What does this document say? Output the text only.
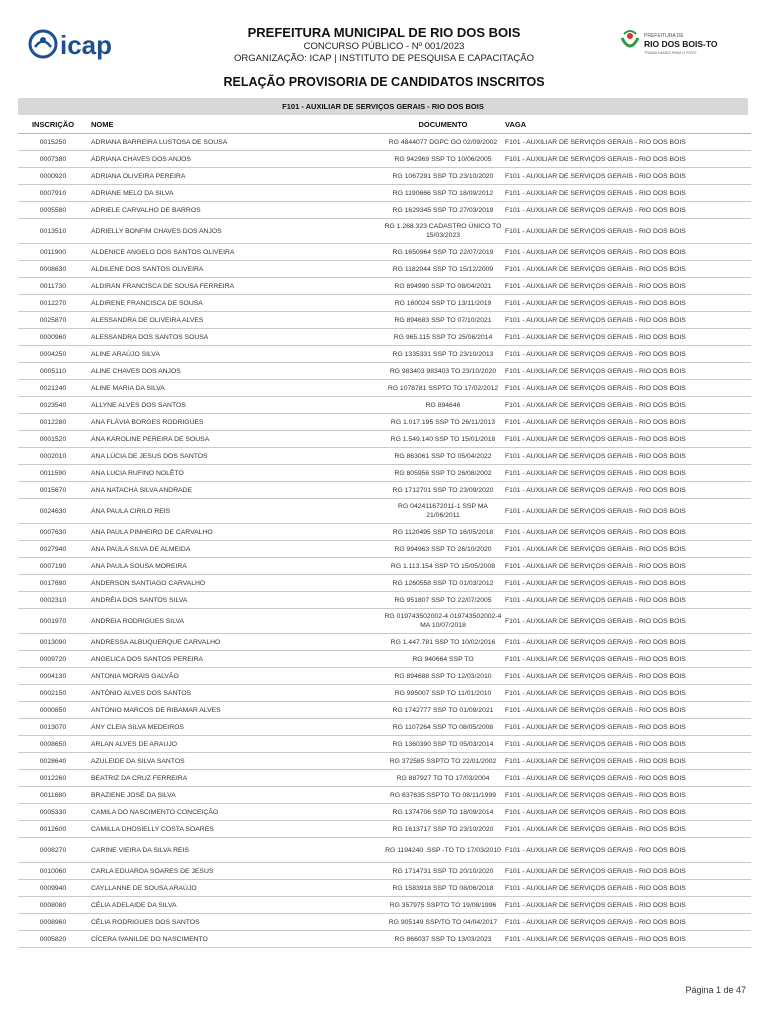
icap	PREFEITURA DE
RIO DOS BOIS-TO
TRABALHANDO PARA O POVO
PREFEITURA MUNICIPAL DE RIO DOS BOIS
CONCURSO PÚBLICO - Nº 001/2023
ORGANIZAÇÃO: ICAP | INSTITUTO DE PESQUISA E CAPACITAÇÃO
RELAÇÃO PROVISORIA DE CANDIDATOS INSCRITOS
F101 - AUXILIAR DE SERVIÇOS GERAIS - RIO DOS BOIS
INSCRIÇÃO	NOME	DOCUMENTO	VAGA
0015250	ADRIANA BARREIRA LUSTOSA DE SOUSA	RG 4844077 DGPC GO 02/09/2002	F101 - AUXILIAR DE SERVIÇOS GERAIS - RIO DOS BOIS
0007380	ADRIANA CHAVES DOS ANJOS	RG 942969 SSP TO 10/06/2005	F101 - AUXILIAR DE SERVIÇOS GERAIS - RIO DOS BOIS
0000920	ADRIANA OLIVEIRA PEREIRA	RG 1067291 SSP TO 23/10/2020	F101 - AUXILIAR DE SERVIÇOS GERAIS - RIO DOS BOIS
0007910	ADRIANE MELO DA SILVA	RG 1190666 SSP TO 18/09/2012	F101 - AUXILIAR DE SERVIÇOS GERAIS - RIO DOS BOIS
0005580	ADRIELE CARVALHO DE BARROS	RG 1629345 SSP TO 27/03/2019	F101 - AUXILIAR DE SERVIÇOS GERAIS - RIO DOS BOIS
0013510	ADRIELLY BONFIM CHAVES DOS ANJOS	RG 1.268.323 CADASTRO ÚNICO TO 15/03/2023	F101 - AUXILIAR DE SERVIÇOS GERAIS - RIO DOS BOIS
0011900	ALDENICE ANGELO DOS SANTOS OLIVEIRA	RG 1650964 SSP TO 22/07/2019	F101 - AUXILIAR DE SERVIÇOS GERAIS - RIO DOS BOIS
0008630	ALDILENE DOS SANTOS OLIVEIRA	RG 1182044 SSP TO 15/12/2009	F101 - AUXILIAR DE SERVIÇOS GERAIS - RIO DOS BOIS
0011730	ALDIRAN FRANCISCA DE SOUSA FERREIRA	RG 894990 SSP TO 08/04/2021	F101 - AUXILIAR DE SERVIÇOS GERAIS - RIO DOS BOIS
0012270	ALDIRENE FRANCISCA DE SOUSA	RG 160024 SSP TO 13/11/2019	F101 - AUXILIAR DE SERVIÇOS GERAIS - RIO DOS BOIS
0025870	ALESSANDRA DE OLIVEIRA ALVES	RG 894683 SSP TO 07/10/2021	F101 - AUXILIAR DE SERVIÇOS GERAIS - RIO DOS BOIS
0000960	ALESSANDRA DOS SANTOS SOUSA	RG 965.115 SSP TO 25/06/2014	F101 - AUXILIAR DE SERVIÇOS GERAIS - RIO DOS BOIS
0004250	ALINE ARAÚJO SILVA	RG 1335331 SSP TO 23/10/2013	F101 - AUXILIAR DE SERVIÇOS GERAIS - RIO DOS BOIS
0005110	ALINE CHAVES DOS ANJOS	RG 983403 983403 TO 23/10/2020	F101 - AUXILIAR DE SERVIÇOS GERAIS - RIO DOS BOIS
0021240	ALINE MARIA DA SILVA	RG 1078781 SSPTO TO 17/02/2012	F101 - AUXILIAR DE SERVIÇOS GERAIS - RIO DOS BOIS
0023540	ALLYNE ALVES DOS SANTOS	RG 894646	F101 - AUXILIAR DE SERVIÇOS GERAIS - RIO DOS BOIS
0012280	ANA FLÁVIA BORGES RODRIGUES	RG 1.017.195 SSP TO 26/11/2013	F101 - AUXILIAR DE SERVIÇOS GERAIS - RIO DOS BOIS
0001520	ANA KAROLINE PEREIRA DE SOUSA	RG 1.549.140 SSP TO 15/01/2018	F101 - AUXILIAR DE SERVIÇOS GERAIS - RIO DOS BOIS
0002010	ANA LÚCIA DE JESUS DOS SANTOS	RG 863061 SSP TO 05/04/2022	F101 - AUXILIAR DE SERVIÇOS GERAIS - RIO DOS BOIS
0011590	ANA LUCIA RUFINO NOLÊTO	RG 805956 SSP TO 26/08/2002	F101 - AUXILIAR DE SERVIÇOS GERAIS - RIO DOS BOIS
0015670	ANA NATACHA SILVA ANDRADE	RG 1712701 SSP TO 23/09/2020	F101 - AUXILIAR DE SERVIÇOS GERAIS - RIO DOS BOIS
0024630	ANA PAULA CIRILO REIS	RG 042411672011-1 SSP MA 21/06/2011	F101 - AUXILIAR DE SERVIÇOS GERAIS - RIO DOS BOIS
0007630	ANA PAULA PINHEIRO DE CARVALHO	RG 1120495 SSP TO 16/05/2018	F101 - AUXILIAR DE SERVIÇOS GERAIS - RIO DOS BOIS
0027940	ANA PAULA SILVA DE ALMEIDA	RG 994963 SSP TO 26/10/2020	F101 - AUXILIAR DE SERVIÇOS GERAIS - RIO DOS BOIS
0007190	ANA PAULA SOUSA MOREIRA	RG 1.113.154 SSP TO 15/05/2008	F101 - AUXILIAR DE SERVIÇOS GERAIS - RIO DOS BOIS
0017690	ANDERSON SANTIAGO CARVALHO	RG 1260558 SSP TO 01/03/2012	F101 - AUXILIAR DE SERVIÇOS GERAIS - RIO DOS BOIS
0002310	ANDRÉIA DOS SANTOS SILVA	RG 951807 SSP TO 22/07/2005	F101 - AUXILIAR DE SERVIÇOS GERAIS - RIO DOS BOIS
0001970	ANDREIA RODRIGUES SILVA	RG 019743502002-4 019743502002-4 MA 10/07/2018	F101 - AUXILIAR DE SERVIÇOS GERAIS - RIO DOS BOIS
0013090	ANDRESSA ALBUQUERQUE CARVALHO	RG 1.447.781 SSP TO 10/02/2016	F101 - AUXILIAR DE SERVIÇOS GERAIS - RIO DOS BOIS
0009720	ANGELICA DOS SANTOS PEREIRA	RG 940664 SSP TO	F101 - AUXILIAR DE SERVIÇOS GERAIS - RIO DOS BOIS
0004130	ANTONIA MORAIS GALVÃO	RG 894688 SSP TO 12/03/2010	F101 - AUXILIAR DE SERVIÇOS GERAIS - RIO DOS BOIS
0002150	ANTÔNIO ALVES DOS SANTOS	RG 995007 SSP TO 11/01/2010	F101 - AUXILIAR DE SERVIÇOS GERAIS - RIO DOS BOIS
0000850	ANTONIO MARCOS DE RIBAMAR ALVES	RG 1742777 SSP TO 01/09/2021	F101 - AUXILIAR DE SERVIÇOS GERAIS - RIO DOS BOIS
0013070	ANY CLEIA SILVA MEDEIROS	RG 1107264 SSP TO 08/05/2008	F101 - AUXILIAR DE SERVIÇOS GERAIS - RIO DOS BOIS
0008650	ARLAN ALVES DE ARAUJO	RG 1360390 SSP TO 05/03/2014	F101 - AUXILIAR DE SERVIÇOS GERAIS - RIO DOS BOIS
0028640	AZULEIDE DA SILVA SANTOS	RG 372585 SSPTO TO 22/01/2002	F101 - AUXILIAR DE SERVIÇOS GERAIS - RIO DOS BOIS
0012260	BEATRIZ DA CRUZ FERREIRA	RG 887927 TO TO 17/03/2004	F101 - AUXILIAR DE SERVIÇOS GERAIS - RIO DOS BOIS
0011680	BRAZIENE JOSÉ DA SILVA	RG 637635 SSPTO TO 08/11/1999	F101 - AUXILIAR DE SERVIÇOS GERAIS - RIO DOS BOIS
0005330	CAMILA DO NASCIMENTO CONCEIÇÃO	RG 1374706 SSP TO 18/09/2014	F101 - AUXILIAR DE SERVIÇOS GERAIS - RIO DOS BOIS
0012600	CAMILLA DHOSIELLY COSTA SOARES	RG 1613717 SSP TO 23/10/2020	F101 - AUXILIAR DE SERVIÇOS GERAIS - RIO DOS BOIS
0008270	CARINE VIEIRA DA SILVA REIS	RG 1194240 .SSP -TO TO 17/03/2010	F101 - AUXILIAR DE SERVIÇOS GERAIS - RIO DOS BOIS
0010060	CARLA EDUARDA SOARES DE JESUS	RG 1714731 SSP TO 20/10/2020	F101 - AUXILIAR DE SERVIÇOS GERAIS - RIO DOS BOIS
0009940	CAYLLANNE DE SOUSA ARAÚJO	RG 1583918 SSP TO 08/06/2018	F101 - AUXILIAR DE SERVIÇOS GERAIS - RIO DOS BOIS
0008080	CÉLIA ADELAIDE DA SILVA	RG 357975 SSPTO TO 19/08/1996	F101 - AUXILIAR DE SERVIÇOS GERAIS - RIO DOS BOIS
0008960	CÉLIA RODRIGUES DOS SANTOS	RG 905149 SSP/TO TO 04/04/2017	F101 - AUXILIAR DE SERVIÇOS GERAIS - RIO DOS BOIS
0005820	CÍCERA IVANILDE DO NASCIMENTO	RG 866037 SSP TO 13/03/2023	F101 - AUXILIAR DE SERVIÇOS GERAIS - RIO DOS BOIS
Página 1 de 47
